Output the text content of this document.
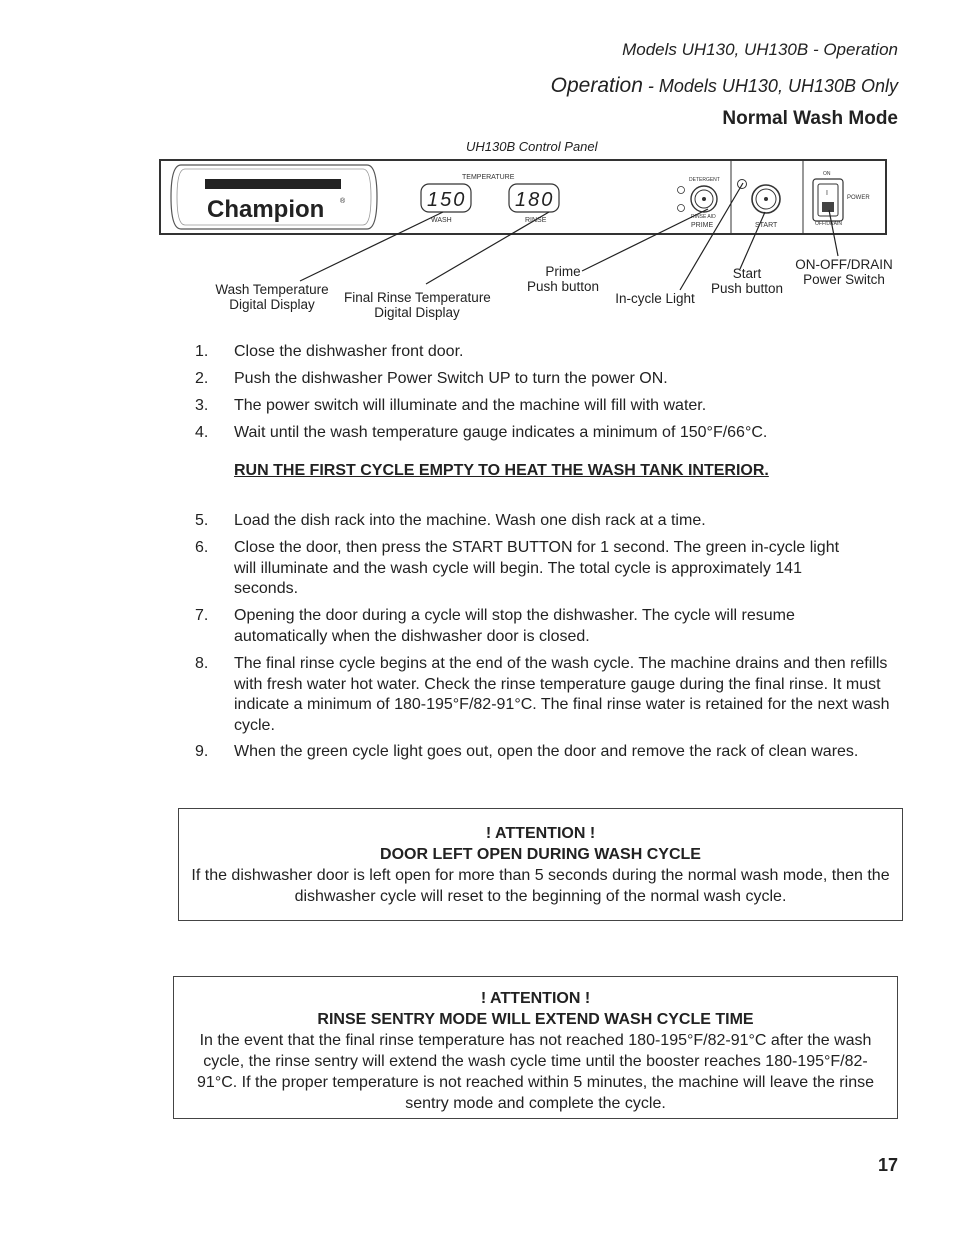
Models UH130, UH130B - Operation
Operation - Models UH130, UH130B Only
Normal Wash Mode
UH130B Control Panel
Champion ®
TEMPERATURE
150
WASH
180
RINSE
DETERGENT
RINSE AID
PRIME	START
ON
I
POWER
OFF/DRAIN
Wash Temperature
Digital Display	Final Rinse Temperature
Digital Display
Prime
Push button
In-cycle Light
Start
Push button
ON-OFF/DRAIN
Power Switch
1. Close the dishwasher front door.
2. Push the dishwasher Power Switch UP to turn the power ON.
3. The power switch will illuminate and the machine will fill with water.
4. Wait until the wash temperature gauge indicates a minimum of 150°F/66°C.
RUN THE FIRST CYCLE EMPTY TO HEAT THE WASH TANK INTERIOR.
5. Load the dish rack into the machine. Wash one dish rack at a time.
6. Close the door, then press the START BUTTON for 1 second. The green in-cycle light will illuminate and the wash cycle will begin. The total cycle is approximately 141 seconds.
7. Opening the door during a cycle will stop the dishwasher. The cycle will resume automatically when the dishwasher door is closed.
8. The final rinse cycle begins at the end of the wash cycle. The machine drains and then refills with fresh water hot water. Check the rinse temperature gauge during the final rinse. It must indicate a minimum of 180-195°F/82-91°C. The final rinse water is retained for the next wash cycle.
9. When the green cycle light goes out, open the door and remove the rack of clean wares.
! ATTENTION !
DOOR LEFT OPEN DURING WASH CYCLE
If the dishwasher door is left open for more than 5 seconds during the normal wash mode, then the dishwasher cycle will reset to the beginning of the normal wash cycle.
! ATTENTION !
RINSE SENTRY MODE WILL EXTEND WASH CYCLE TIME
In the event that the final rinse temperature has not reached 180-195°F/82-91°C after the wash cycle, the rinse sentry will extend the wash cycle time until the booster reaches 180-195°F/82-91°C. If the proper temperature is not reached within 5 minutes, the machine will leave the rinse sentry mode and complete the cycle.
17
